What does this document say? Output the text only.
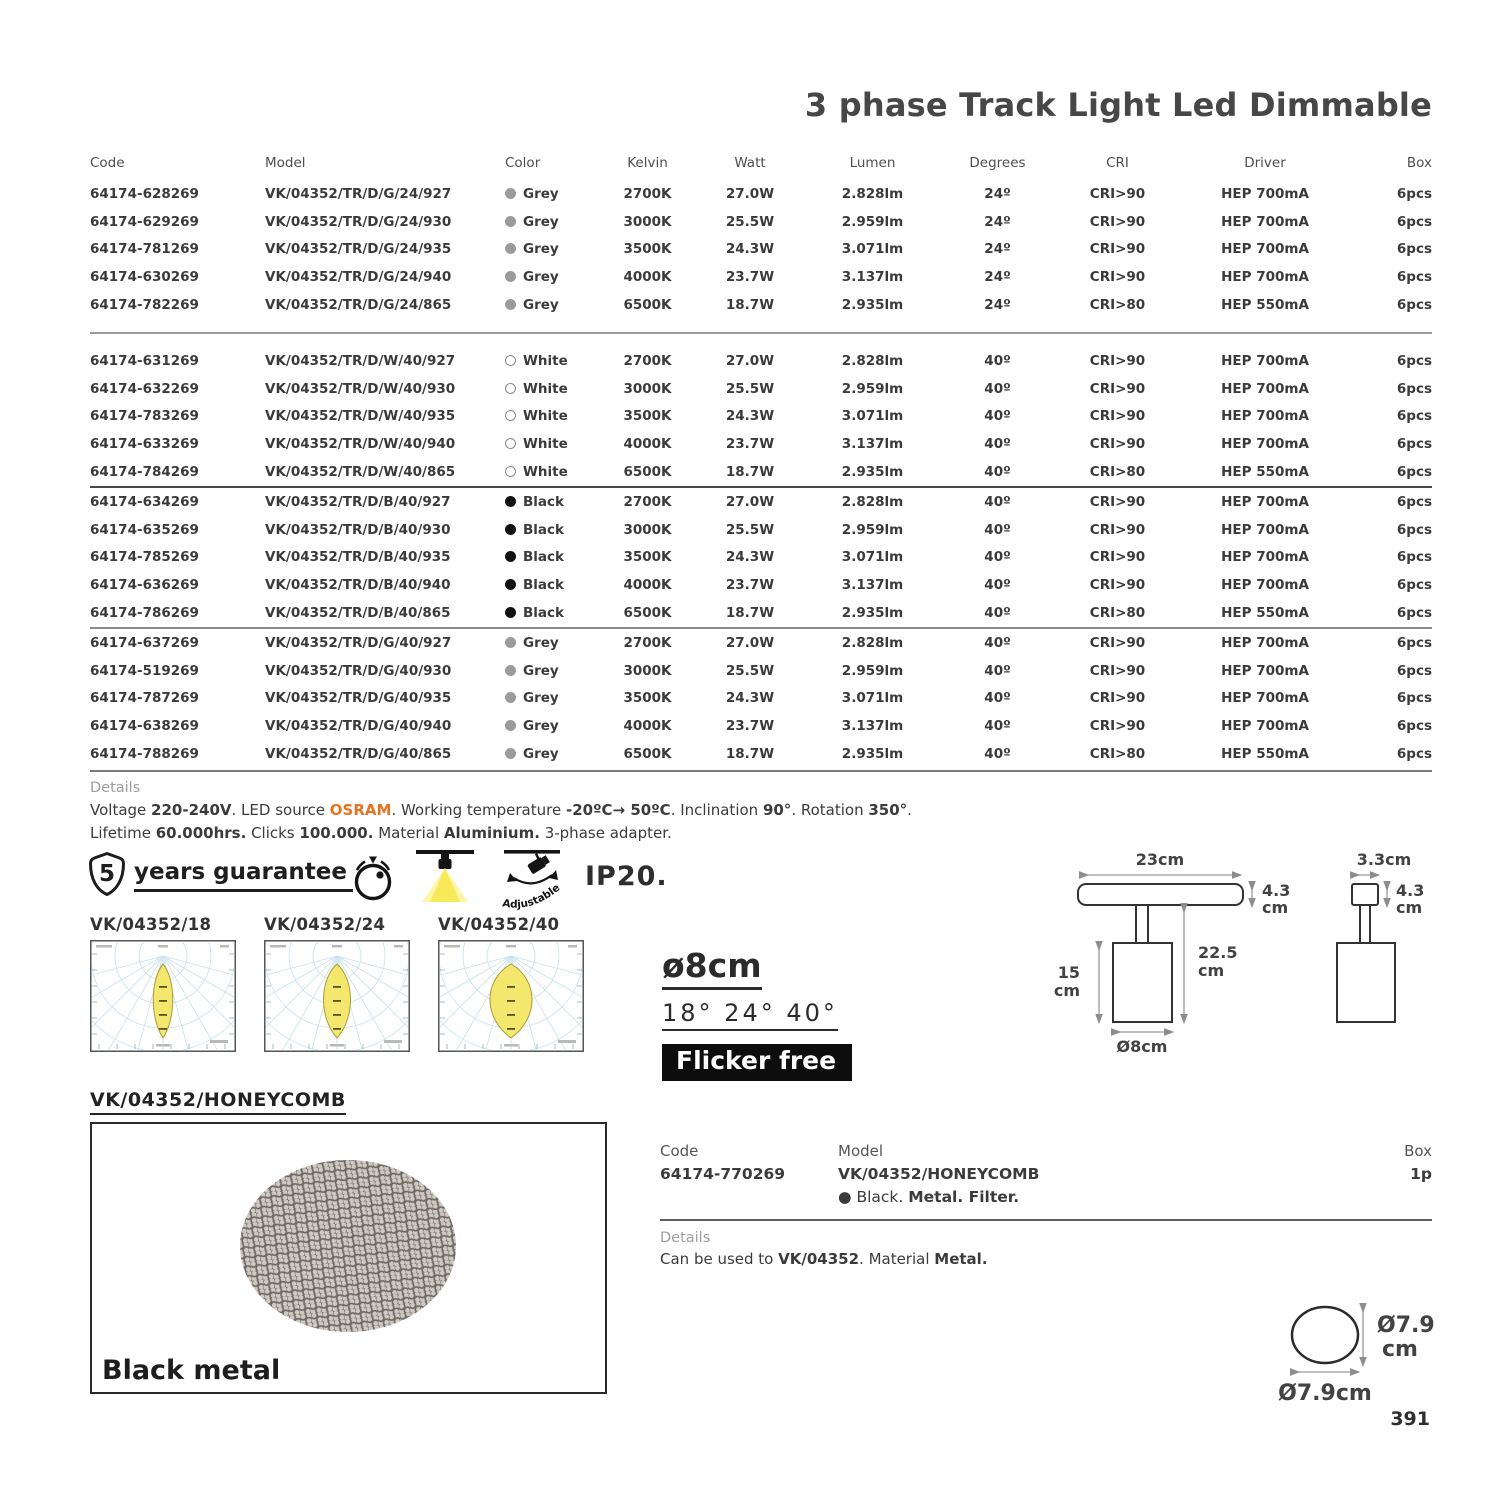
3 phase Track Light Led Dimmable
Code	Model	Color	Kelvin	Watt	Lumen	Degrees	CRI	Driver	Box
64174-628269	VK/04352/TR/D/G/24/927	Grey	2700K	27.0W	2.828lm	24º	CRI>90	HEP 700mA	6pcs
64174-629269	VK/04352/TR/D/G/24/930	Grey	3000K	25.5W	2.959lm	24º	CRI>90	HEP 700mA	6pcs
64174-781269	VK/04352/TR/D/G/24/935	Grey	3500K	24.3W	3.071lm	24º	CRI>90	HEP 700mA	6pcs
64174-630269	VK/04352/TR/D/G/24/940	Grey	4000K	23.7W	3.137lm	24º	CRI>90	HEP 700mA	6pcs
64174-782269	VK/04352/TR/D/G/24/865	Grey	6500K	18.7W	2.935lm	24º	CRI>80	HEP 550mA	6pcs
64174-631269	VK/04352/TR/D/W/40/927	White	2700K	27.0W	2.828lm	40º	CRI>90	HEP 700mA	6pcs
64174-632269	VK/04352/TR/D/W/40/930	White	3000K	25.5W	2.959lm	40º	CRI>90	HEP 700mA	6pcs
64174-783269	VK/04352/TR/D/W/40/935	White	3500K	24.3W	3.071lm	40º	CRI>90	HEP 700mA	6pcs
64174-633269	VK/04352/TR/D/W/40/940	White	4000K	23.7W	3.137lm	40º	CRI>90	HEP 700mA	6pcs
64174-784269	VK/04352/TR/D/W/40/865	White	6500K	18.7W	2.935lm	40º	CRI>80	HEP 550mA	6pcs
64174-634269	VK/04352/TR/D/B/40/927	Black	2700K	27.0W	2.828lm	40º	CRI>90	HEP 700mA	6pcs
64174-635269	VK/04352/TR/D/B/40/930	Black	3000K	25.5W	2.959lm	40º	CRI>90	HEP 700mA	6pcs
64174-785269	VK/04352/TR/D/B/40/935	Black	3500K	24.3W	3.071lm	40º	CRI>90	HEP 700mA	6pcs
64174-636269	VK/04352/TR/D/B/40/940	Black	4000K	23.7W	3.137lm	40º	CRI>90	HEP 700mA	6pcs
64174-786269	VK/04352/TR/D/B/40/865	Black	6500K	18.7W	2.935lm	40º	CRI>80	HEP 550mA	6pcs
64174-637269	VK/04352/TR/D/G/40/927	Grey	2700K	27.0W	2.828lm	40º	CRI>90	HEP 700mA	6pcs
64174-519269	VK/04352/TR/D/G/40/930	Grey	3000K	25.5W	2.959lm	40º	CRI>90	HEP 700mA	6pcs
64174-787269	VK/04352/TR/D/G/40/935	Grey	3500K	24.3W	3.071lm	40º	CRI>90	HEP 700mA	6pcs
64174-638269	VK/04352/TR/D/G/40/940	Grey	4000K	23.7W	3.137lm	40º	CRI>90	HEP 700mA	6pcs
64174-788269	VK/04352/TR/D/G/40/865	Grey	6500K	18.7W	2.935lm	40º	CRI>80	HEP 550mA	6pcs

Details

Voltage 220-240V. LED source OSRAM. Working temperature -20ºC→ 50ºC. Inclination 90°. Rotation 350°.

Lifetime 60.000hrs. Clicks 100.000. Material Aluminium. 3-phase adapter.

5 years guarantee
Adjustable IP20.
VK/04352/18	VK/04352/24	VK/04352/40
ø8cm
18° 24° 40°
Flicker free
23cm
4.3
cm
22.5
cm
15
cm
Ø8cm
3.3cm
4.3
cm
VK/04352/HONEYCOMB
Black metal
Code
64174-770269
Model
VK/04352/HONEYCOMB
● Black. Metal. Filter.
Box
1p
Details
Can be used to VK/04352. Material Metal.
Ø7.9
cm
Ø7.9cm
391
